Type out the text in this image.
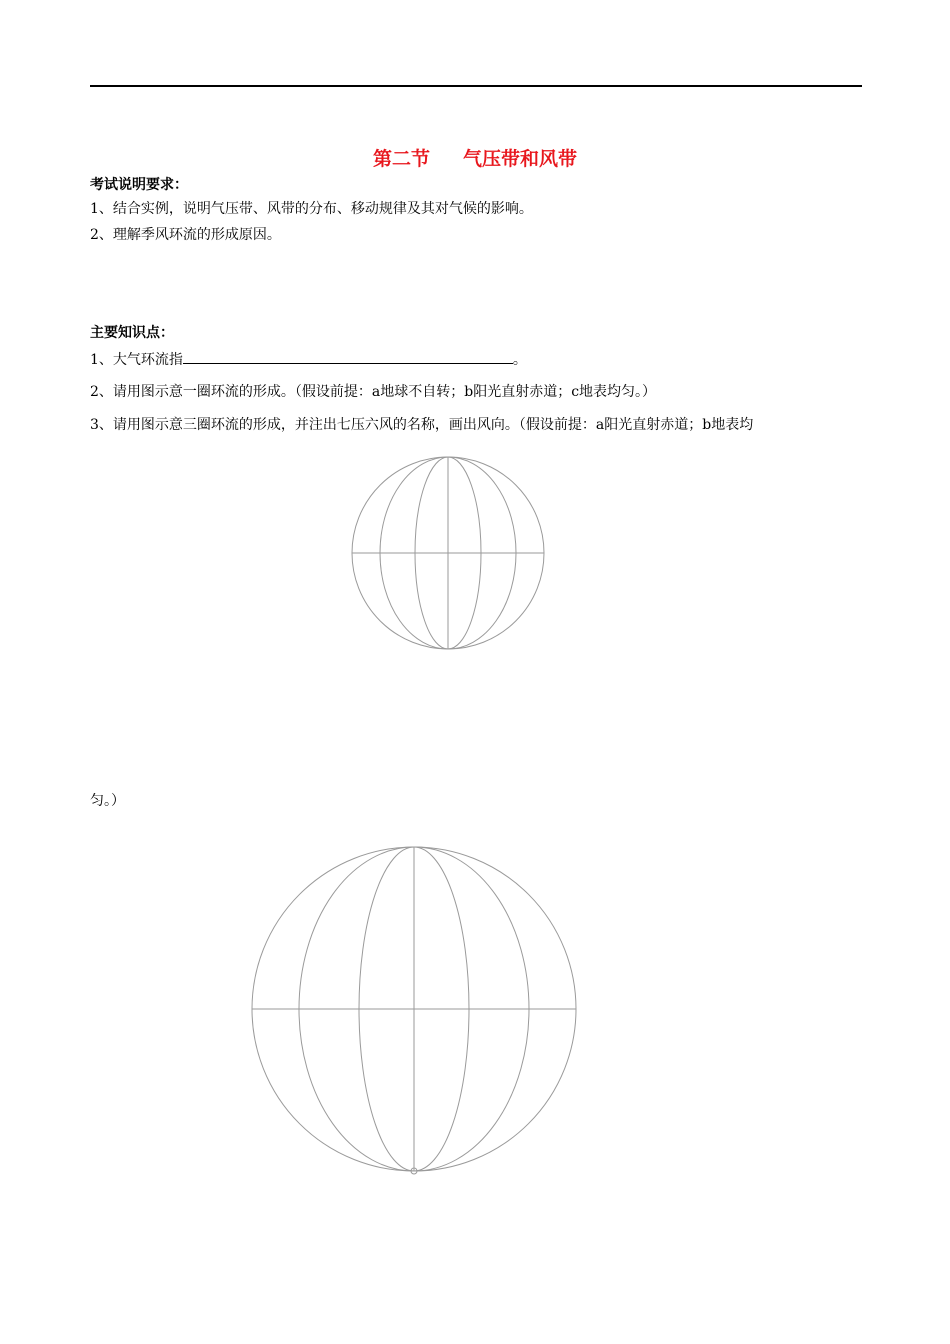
第二节 气压带和风带
考试说明要求：
1、结合实例，说明气压带、风带的分布、移动规律及其对气候的影响。
2、理解季风环流的形成原因。
主要知识点：
1、大气环流指	。
2、请用图示意一圈环流的形成。（假设前提：a地球不自转；b阳光直射赤道；c地表均匀。）
3、请用图示意三圈环流的形成，并注出七压六风的名称，画出风向。（假设前提：a阳光直射赤道；b地表均
匀。）
